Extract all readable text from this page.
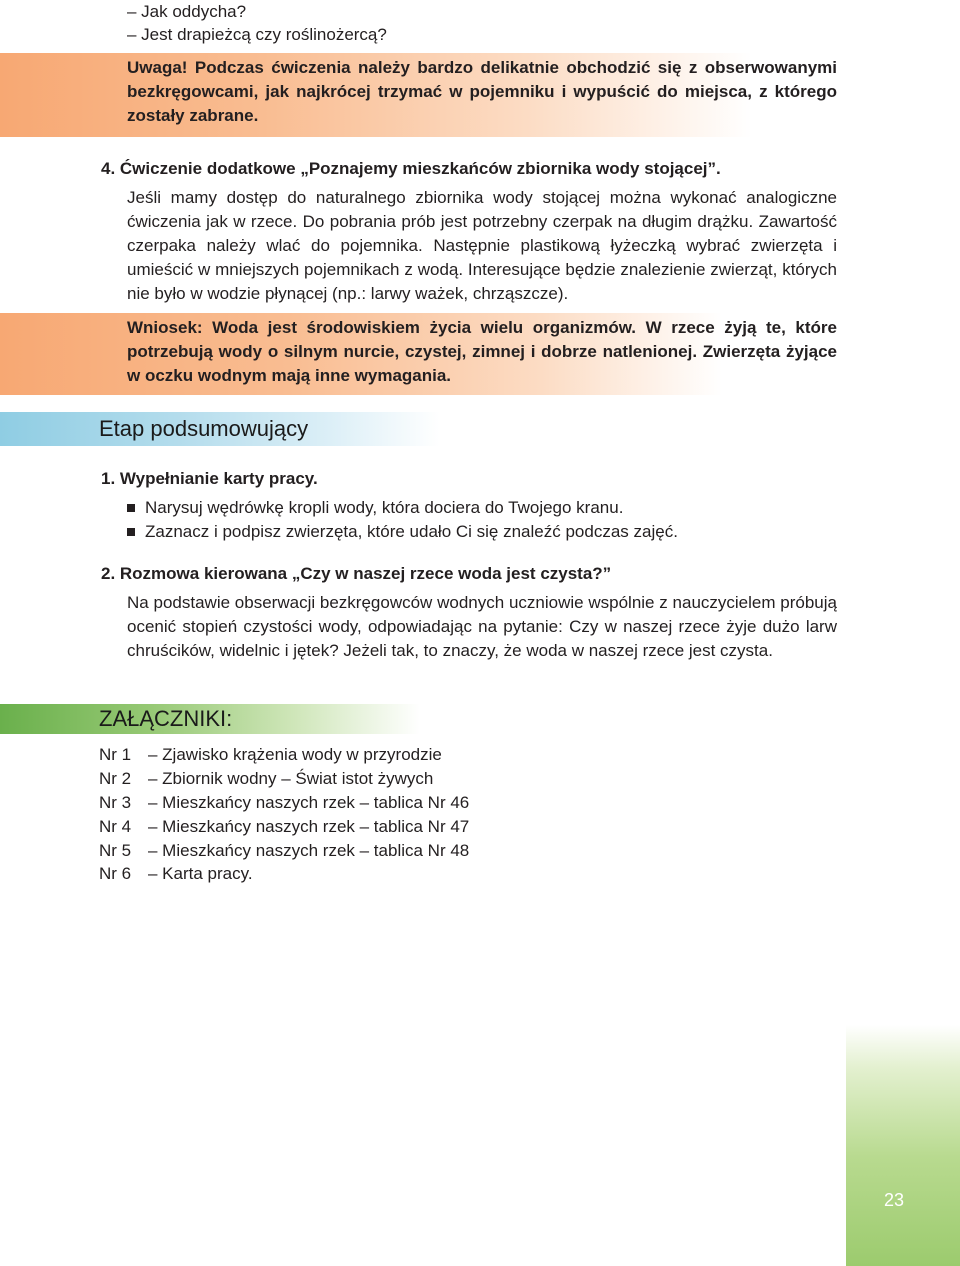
– Jak oddycha?
– Jest drapieżcą czy roślinożercą?
Uwaga! Podczas ćwiczenia należy bardzo delikatnie obchodzić się z obserwowanymi bezkręgowcami, jak najkrócej trzymać w pojemniku i wypuścić do miejsca, z którego zostały zabrane.
4. Ćwiczenie dodatkowe „Poznajemy mieszkańców zbiornika wody stojącej”.
Jeśli mamy dostęp do naturalnego zbiornika wody stojącej można wykonać analogiczne ćwiczenia jak w rzece. Do pobrania prób jest potrzebny czerpak na długim drążku. Zawartość czerpaka należy wlać do pojemnika. Następnie plastikową łyżeczką wybrać zwierzęta i umieścić w mniejszych pojemnikach z wodą. Interesujące będzie znalezienie zwierząt, których nie było w wodzie płynącej (np.: larwy ważek, chrząszcze).
Wniosek: Woda jest środowiskiem życia wielu organizmów. W rzece żyją te, które potrzebują wody o silnym nurcie, czystej, zimnej i dobrze natlenionej. Zwierzęta żyjące w oczku wodnym mają inne wymagania.
Etap podsumowujący
1. Wypełnianie karty pracy.
Narysuj wędrówkę kropli wody, która dociera do Twojego kranu.
Zaznacz i podpisz zwierzęta, które udało Ci się znaleźć podczas zajęć.
2. Rozmowa kierowana „Czy w naszej rzece woda jest czysta?”
Na podstawie obserwacji bezkręgowców wodnych uczniowie wspólnie z nauczycielem próbują ocenić stopień czystości wody, odpowiadając na pytanie: Czy w naszej rzece żyje dużo larw chruścików, widelnic i jętek? Jeżeli tak, to znaczy, że woda w naszej rzece jest czysta.
ZAŁĄCZNIKI:
Nr 1 – Zjawisko krążenia wody w przyrodzie
Nr 2 – Zbiornik wodny – Świat istot żywych
Nr 3 – Mieszkańcy naszych rzek – tablica Nr 46
Nr 4 – Mieszkańcy naszych rzek – tablica Nr 47
Nr 5 – Mieszkańcy naszych rzek – tablica Nr 48
Nr 6 – Karta pracy.
23
